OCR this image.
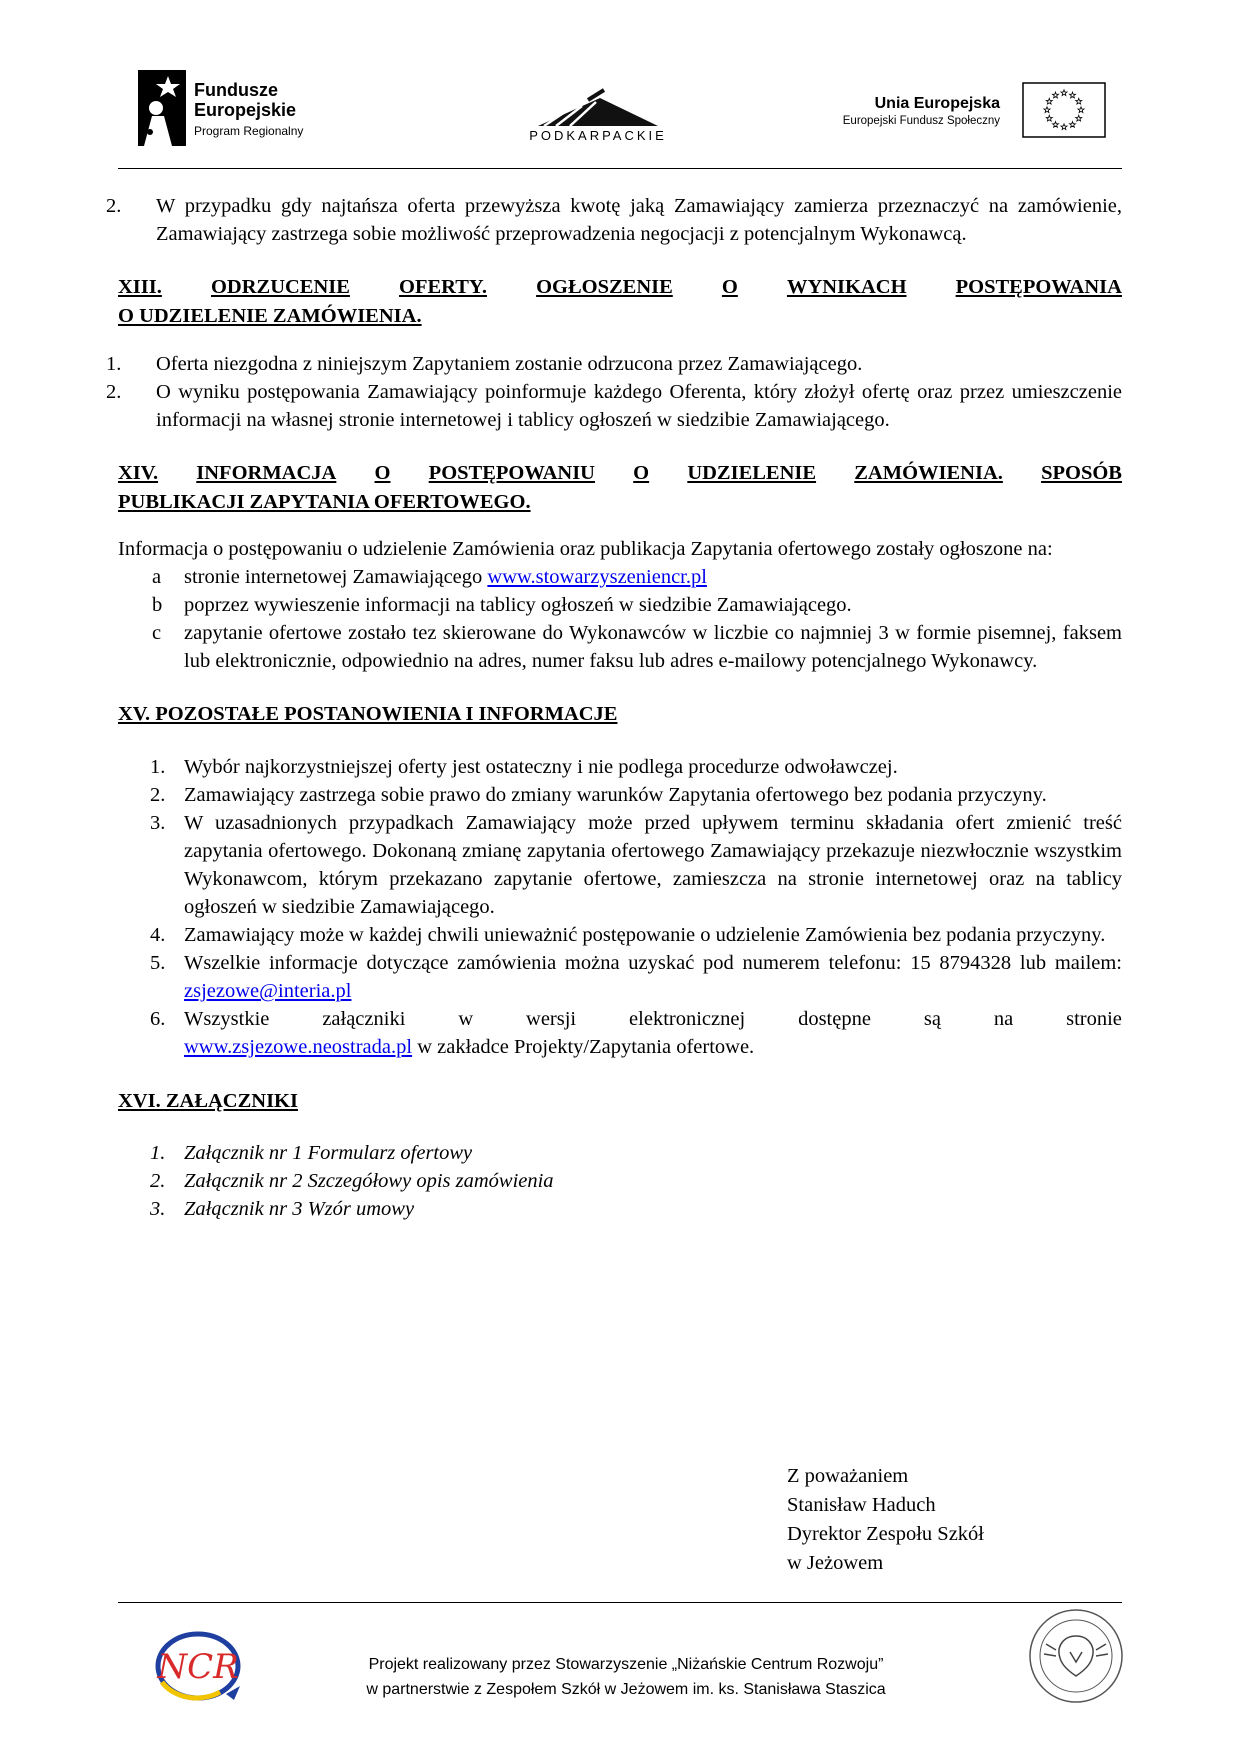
Fundusze
Europejskie
Program Regionalny	PODKARPACKIE
Unia Europejska
Europejski Fundusz Społeczny
2. W przypadku gdy najtańsza oferta przewyższa kwotę jaką Zamawiający zamierza przeznaczyć na zamówienie, Zamawiający zastrzega sobie możliwość przeprowadzenia negocjacji z potencjalnym Wykonawcą.
XIII. ODRZUCENIE OFERTY. OGŁOSZENIE O WYNIKACH POSTĘPOWANIA
O UDZIELENIE ZAMÓWIENIA.
1. Oferta niezgodna z niniejszym Zapytaniem zostanie odrzucona przez Zamawiającego.
2. O wyniku postępowania Zamawiający poinformuje każdego Oferenta, który złożył ofertę oraz przez umieszczenie informacji na własnej stronie internetowej i tablicy ogłoszeń w siedzibie Zamawiającego.
XIV. INFORMACJA O POSTĘPOWANIU O UDZIELENIE ZAMÓWIENIA. SPOSÓB
PUBLIKACJI ZAPYTANIA OFERTOWEGO.
Informacja o postępowaniu o udzielenie Zamówienia oraz publikacja Zapytania ofertowego zostały ogłoszone na:
a stronie internetowej Zamawiającego www.stowarzyszeniencr.pl
b poprzez wywieszenie informacji na tablicy ogłoszeń w siedzibie Zamawiającego.
c zapytanie ofertowe zostało tez skierowane do Wykonawców w liczbie co najmniej 3 w formie pisemnej, faksem lub elektronicznie, odpowiednio na adres, numer faksu lub adres e-mailowy potencjalnego Wykonawcy.
XV. POZOSTAŁE POSTANOWIENIA I INFORMACJE
1. Wybór najkorzystniejszej oferty jest ostateczny i nie podlega procedurze odwoławczej.
2. Zamawiający zastrzega sobie prawo do zmiany warunków Zapytania ofertowego bez podania przyczyny.
3. W uzasadnionych przypadkach Zamawiający może przed upływem terminu składania ofert zmienić treść zapytania ofertowego. Dokonaną zmianę zapytania ofertowego Zamawiający przekazuje niezwłocznie wszystkim Wykonawcom, którym przekazano zapytanie ofertowe, zamieszcza na stronie internetowej oraz na tablicy ogłoszeń w siedzibie Zamawiającego.
4. Zamawiający może w każdej chwili unieważnić postępowanie o udzielenie Zamówienia bez podania przyczyny.
5. Wszelkie informacje dotyczące zamówienia można uzyskać pod numerem telefonu: 15 8794328 lub mailem: zsjezowe@interia.pl
6. Wszystkie	załączniki	w	wersji	elektronicznej	dostępne	są	na	stronie
www.zsjezowe.neostrada.pl w zakładce Projekty/Zapytania ofertowe.
XVI. ZAŁĄCZNIKI
1. Załącznik nr 1 Formularz ofertowy
2. Załącznik nr 2 Szczegółowy opis zamówienia
3. Załącznik nr 3 Wzór umowy
Z poważaniem
Stanisław Haduch
Dyrektor Zespołu Szkół
w Jeżowem
NCR	Projekt realizowany przez Stowarzyszenie „Niżańskie Centrum Rozwoju”
w partnerstwie z Zespołem Szkół w Jeżowem im. ks. Stanisława Staszica
